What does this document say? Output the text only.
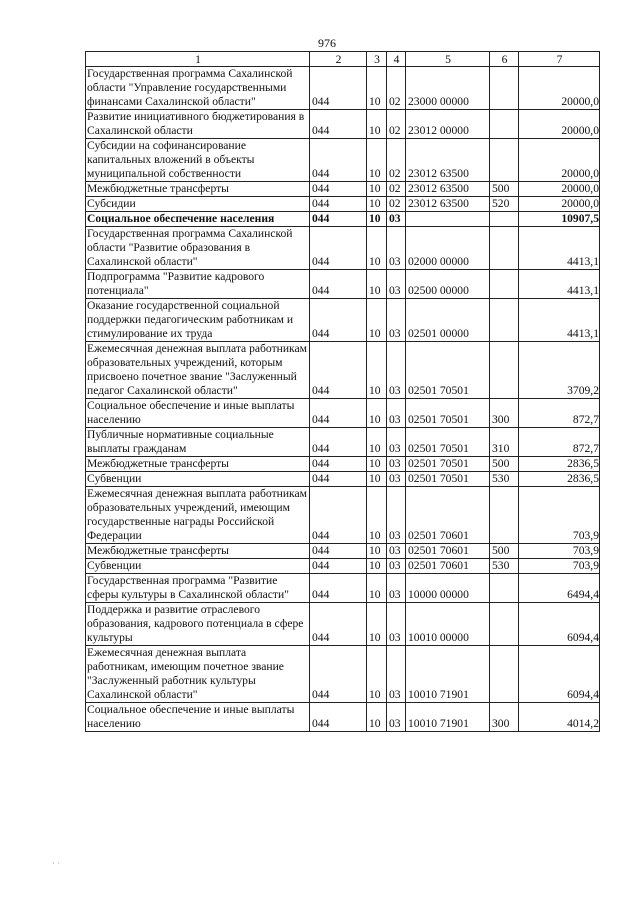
976
1	2	3	4	5	6	7
Государственная программа Сахалинской области "Управление государственными финансами Сахалинской области"	044	10	02	23000 00000		20000,0
Развитие инициативного бюджетирования в Сахалинской области	044	10	02	23012 00000		20000,0
Субсидии на софинансирование капитальных вложений в объекты муниципальной собственности	044	10	02	23012 63500		20000,0
Межбюджетные трансферты	044	10	02	23012 63500	500	20000,0
Субсидии	044	10	02	23012 63500	520	20000,0
Социальное обеспечение населения	044	10	03			10907,5
Государственная программа Сахалинской области "Развитие образования в Сахалинской области"	044	10	03	02000 00000		4413,1
Подпрограмма "Развитие кадрового потенциала"	044	10	03	02500 00000		4413,1
Оказание государственной социальной поддержки педагогическим работникам и стимулирование их труда	044	10	03	02501 00000		4413,1
Ежемесячная денежная выплата работникам образовательных учреждений, которым присвоено почетное звание "Заслуженный педагог Сахалинской области"	044	10	03	02501 70501		3709,2
Социальное обеспечение и иные выплаты населению	044	10	03	02501 70501	300	872,7
Публичные нормативные социальные выплаты гражданам	044	10	03	02501 70501	310	872,7
Межбюджетные трансферты	044	10	03	02501 70501	500	2836,5
Субвенции	044	10	03	02501 70501	530	2836,5
Ежемесячная денежная выплата работникам образовательных учреждений, имеющим государственные награды Российской Федерации	044	10	03	02501 70601		703,9
Межбюджетные трансферты	044	10	03	02501 70601	500	703,9
Субвенции	044	10	03	02501 70601	530	703,9
Государственная программа "Развитие сферы культуры в Сахалинской области"	044	10	03	10000 00000		6494,4
Поддержка и развитие отраслевого образования, кадрового потенциала в сфере культуры	044	10	03	10010 00000		6094,4
Ежемесячная денежная выплата работникам, имеющим почетное звание "Заслуженный работник культуры Сахалинской области"	044	10	03	10010 71901		6094,4
Социальное обеспечение и иные выплаты населению	044	10	03	10010 71901	300	4014,2
· ·
